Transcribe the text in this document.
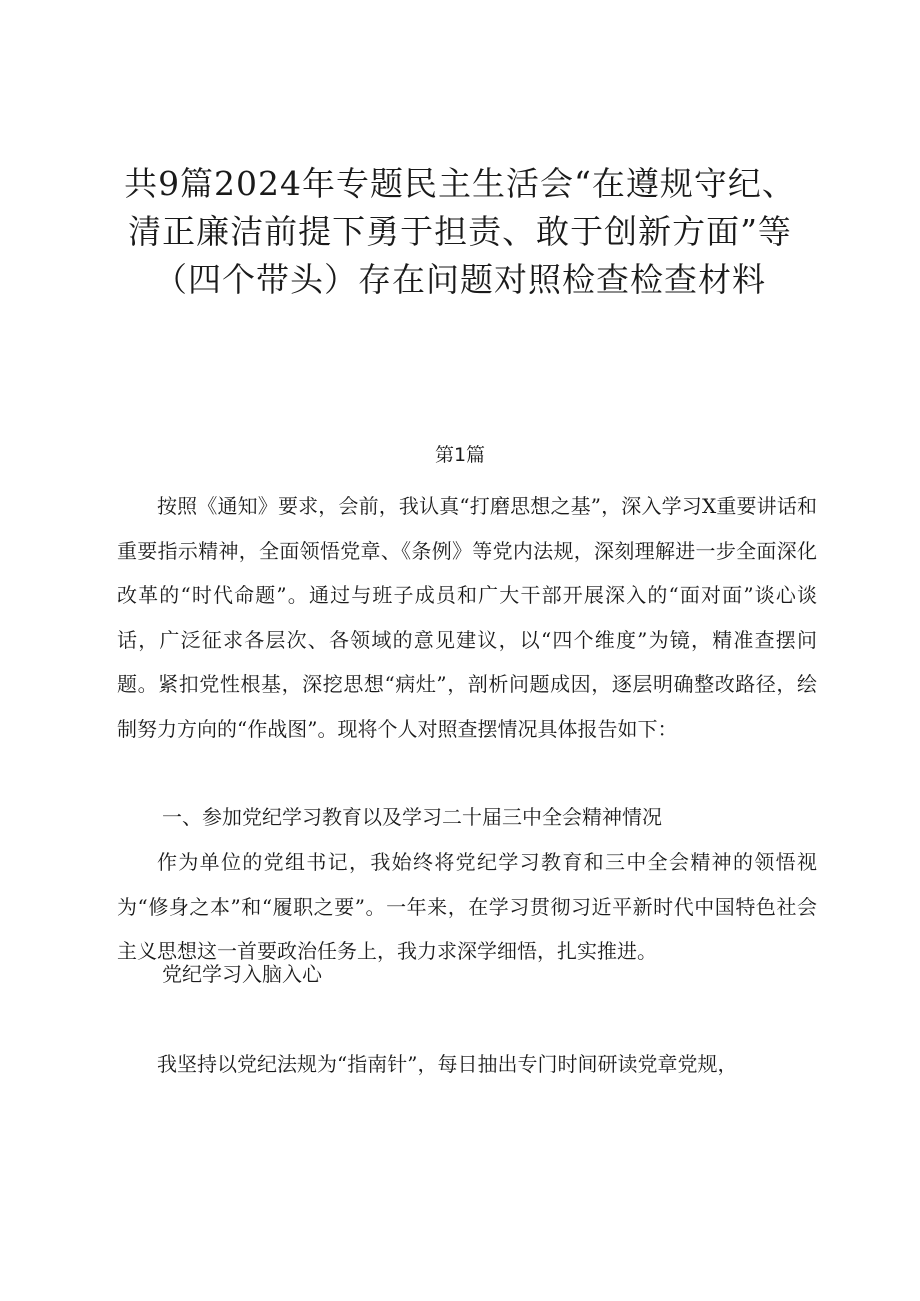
共9篇2024年专题民主生活会“在遵规守纪、清正廉洁前提下勇于担责、敢于创新方面”等（四个带头）存在问题对照检查检查材料
第1篇

按照《通知》要求，会前，我认真“打磨思想之基”，深入学习X重要讲话和重要指示精神，全面领悟党章、《条例》等党内法规，深刻理解进一步全面深化改革的“时代命题”。通过与班子成员和广大干部开展深入的“面对面”谈心谈话，广泛征求各层次、各领域的意见建议，以“四个维度”为镜，精准查摆问题。紧扣党性根基，深挖思想“病灶”，剖析问题成因，逐层明确整改路径，绘制努力方向的“作战图”。现将个人对照查摆情况具体报告如下：

一、参加党纪学习教育以及学习二十届三中全会精神情况

作为单位的党组书记，我始终将党纪学习教育和三中全会精神的领悟视为“修身之本”和“履职之要”。一年来，在学习贯彻习近平新时代中国特色社会主义思想这一首要政治任务上，我力求深学细悟，扎实推进。

党纪学习入脑入心

我坚持以党纪法规为“指南针”，每日抽出专门时间研读党章党规，
